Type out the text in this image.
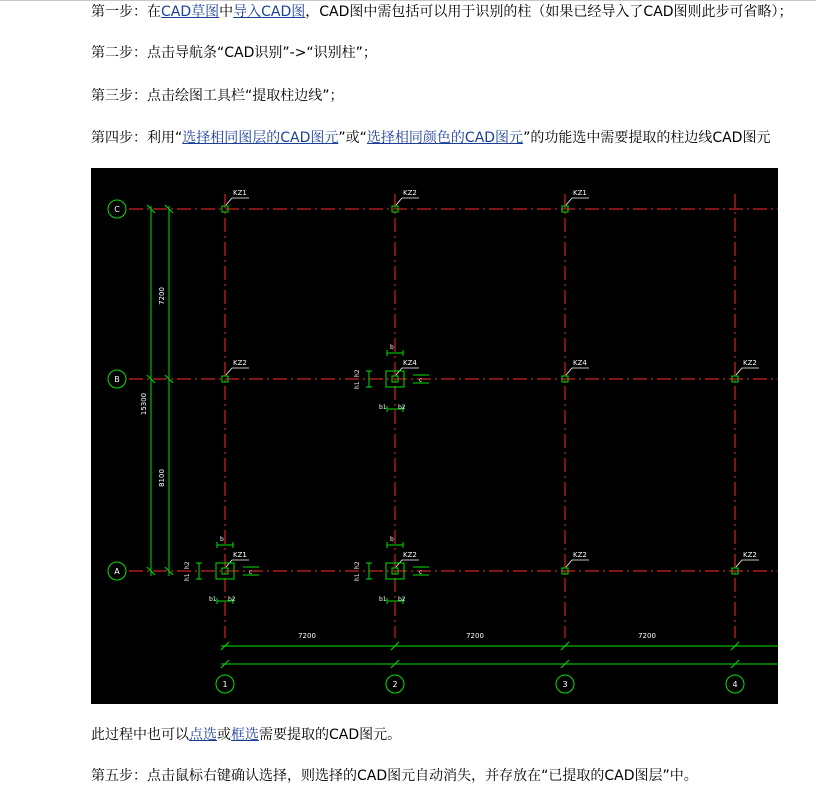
第一步：在CAD草图中导入CAD图，CAD图中需包括可以用于识别的柱（如果已经导入了CAD图则此步可省略）；
第二步：点击导航条“CAD识别”->“识别柱”；
第三步：点击绘图工具栏“提取柱边线”；
第四步：利用“选择相同图层的CAD图元”或“选择相同颜色的CAD图元”的功能选中需要提取的柱边线CAD图元
C
B
A
1	2	3	4
7200
8100
15300
7200	7200	7200
KZ1	KZ2	KZ1
KZ2	KZ4	KZ4	KZ2
KZ1	KZ2	KZ2	KZ2
b
h2
h1
b1 b2
c
b
h2
h1
b1 b2
c
b
h2
h1
b1 b2
c
此过程中也可以点选或框选需要提取的CAD图元。
第五步：点击鼠标右键确认选择，则选择的CAD图元自动消失，并存放在“已提取的CAD图层”中。
